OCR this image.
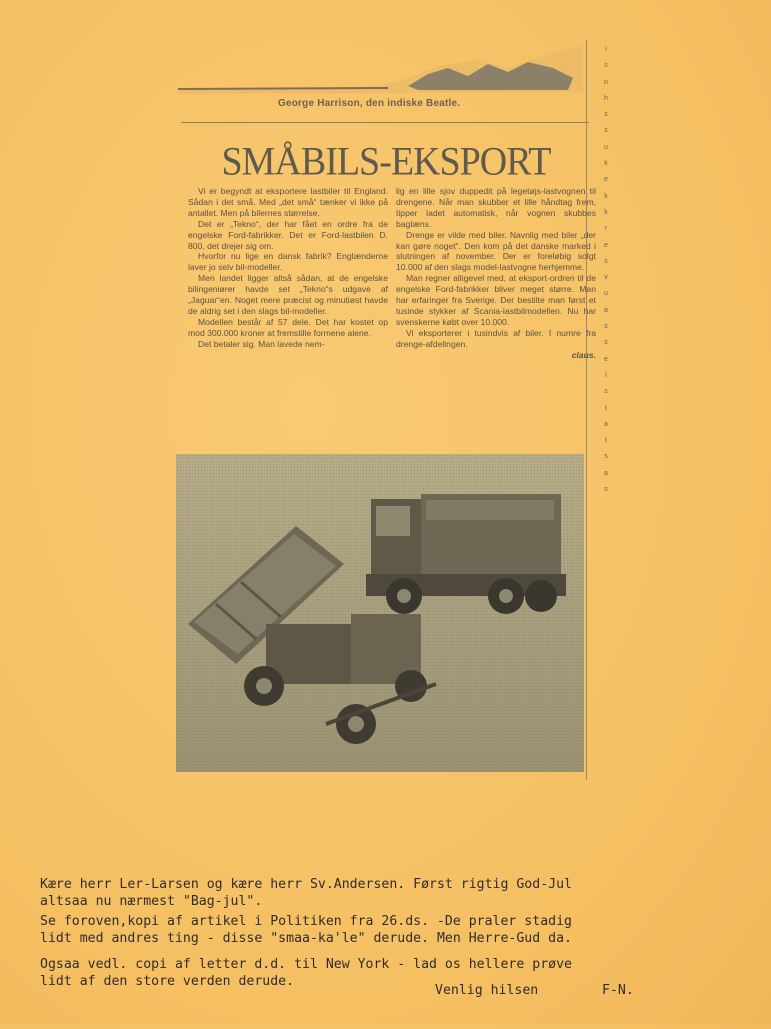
George Harrison, den indiske Beatle.
SMÅBILS-EKSPORT

Vi er begyndt at eksportere lastbiler til England. Sådan i det små. Med „det små“ tænker vi ikke på antallet. Men på bilernes størrelse.

Det er „Tekno“, der har fået en ordre fra de engelske Ford-fabrikker. Det er Ford-lastbilen D. 800, det drejer sig om.

Hvorfor nu lige en dansk fabrik? Englænderne laver jo selv bil-modeller.

Men landet ligger altså sådan, at de engelske bilingeniører havde set „Tekno“s udgave af „Jaguar“en. Noget mere præcist og minutiøst havde de aldrig set i den slags bil-modeller.

Modellen består af 57 dele. Det har kostet op mod 300.000 kroner at fremstille formene alene.

Det betaler sig. Man lavede nem-

lig en lille sjov duppedit på legetøjs-lastvognen til drengene. Når man skubber et lille håndtag frem, tipper ladet automatisk, når vognen skubbes baglæns.

Drenge er vilde med biler. Navnlig med biler „der kan gøre noget“. Den kom på det danske marked i slutningen af november. Der er foreløbig solgt 10.000 af den slags model-lastvogne herhjemme.

Man regner alligevel med, at eksport-ordren til de engelske Ford-fabrikker bliver meget større. Man har erfaringer fra Sverige. Der bestilte man først et tusinde stykker af Scania-lastbilmodellen. Nu har svenskerne købt over 10.000.

Vi eksporterer i tusindvis af biler. I numre fra drenge-afdelingen.

claus.
i
s
n
h
s
s
u
k
e
k
k
r
e
s
v
u
a
s
s
e
l
s
t
a
t
s
a
s

Kære herr Ler-Larsen og kære herr Sv.Andersen. Først rigtig God-Jul

altsaa nu nærmest "Bag-jul".

Se foroven,kopi af artikel i Politiken fra 26.ds. -De praler stadig

lidt med andres ting - disse "smaa-ka'le" derude. Men Herre-Gud da.

Ogsaa vedl. copi af letter d.d. til New York - lad os hellere prøve

lidt af den store verden derude.

Venlig hilsen

	F-N.
